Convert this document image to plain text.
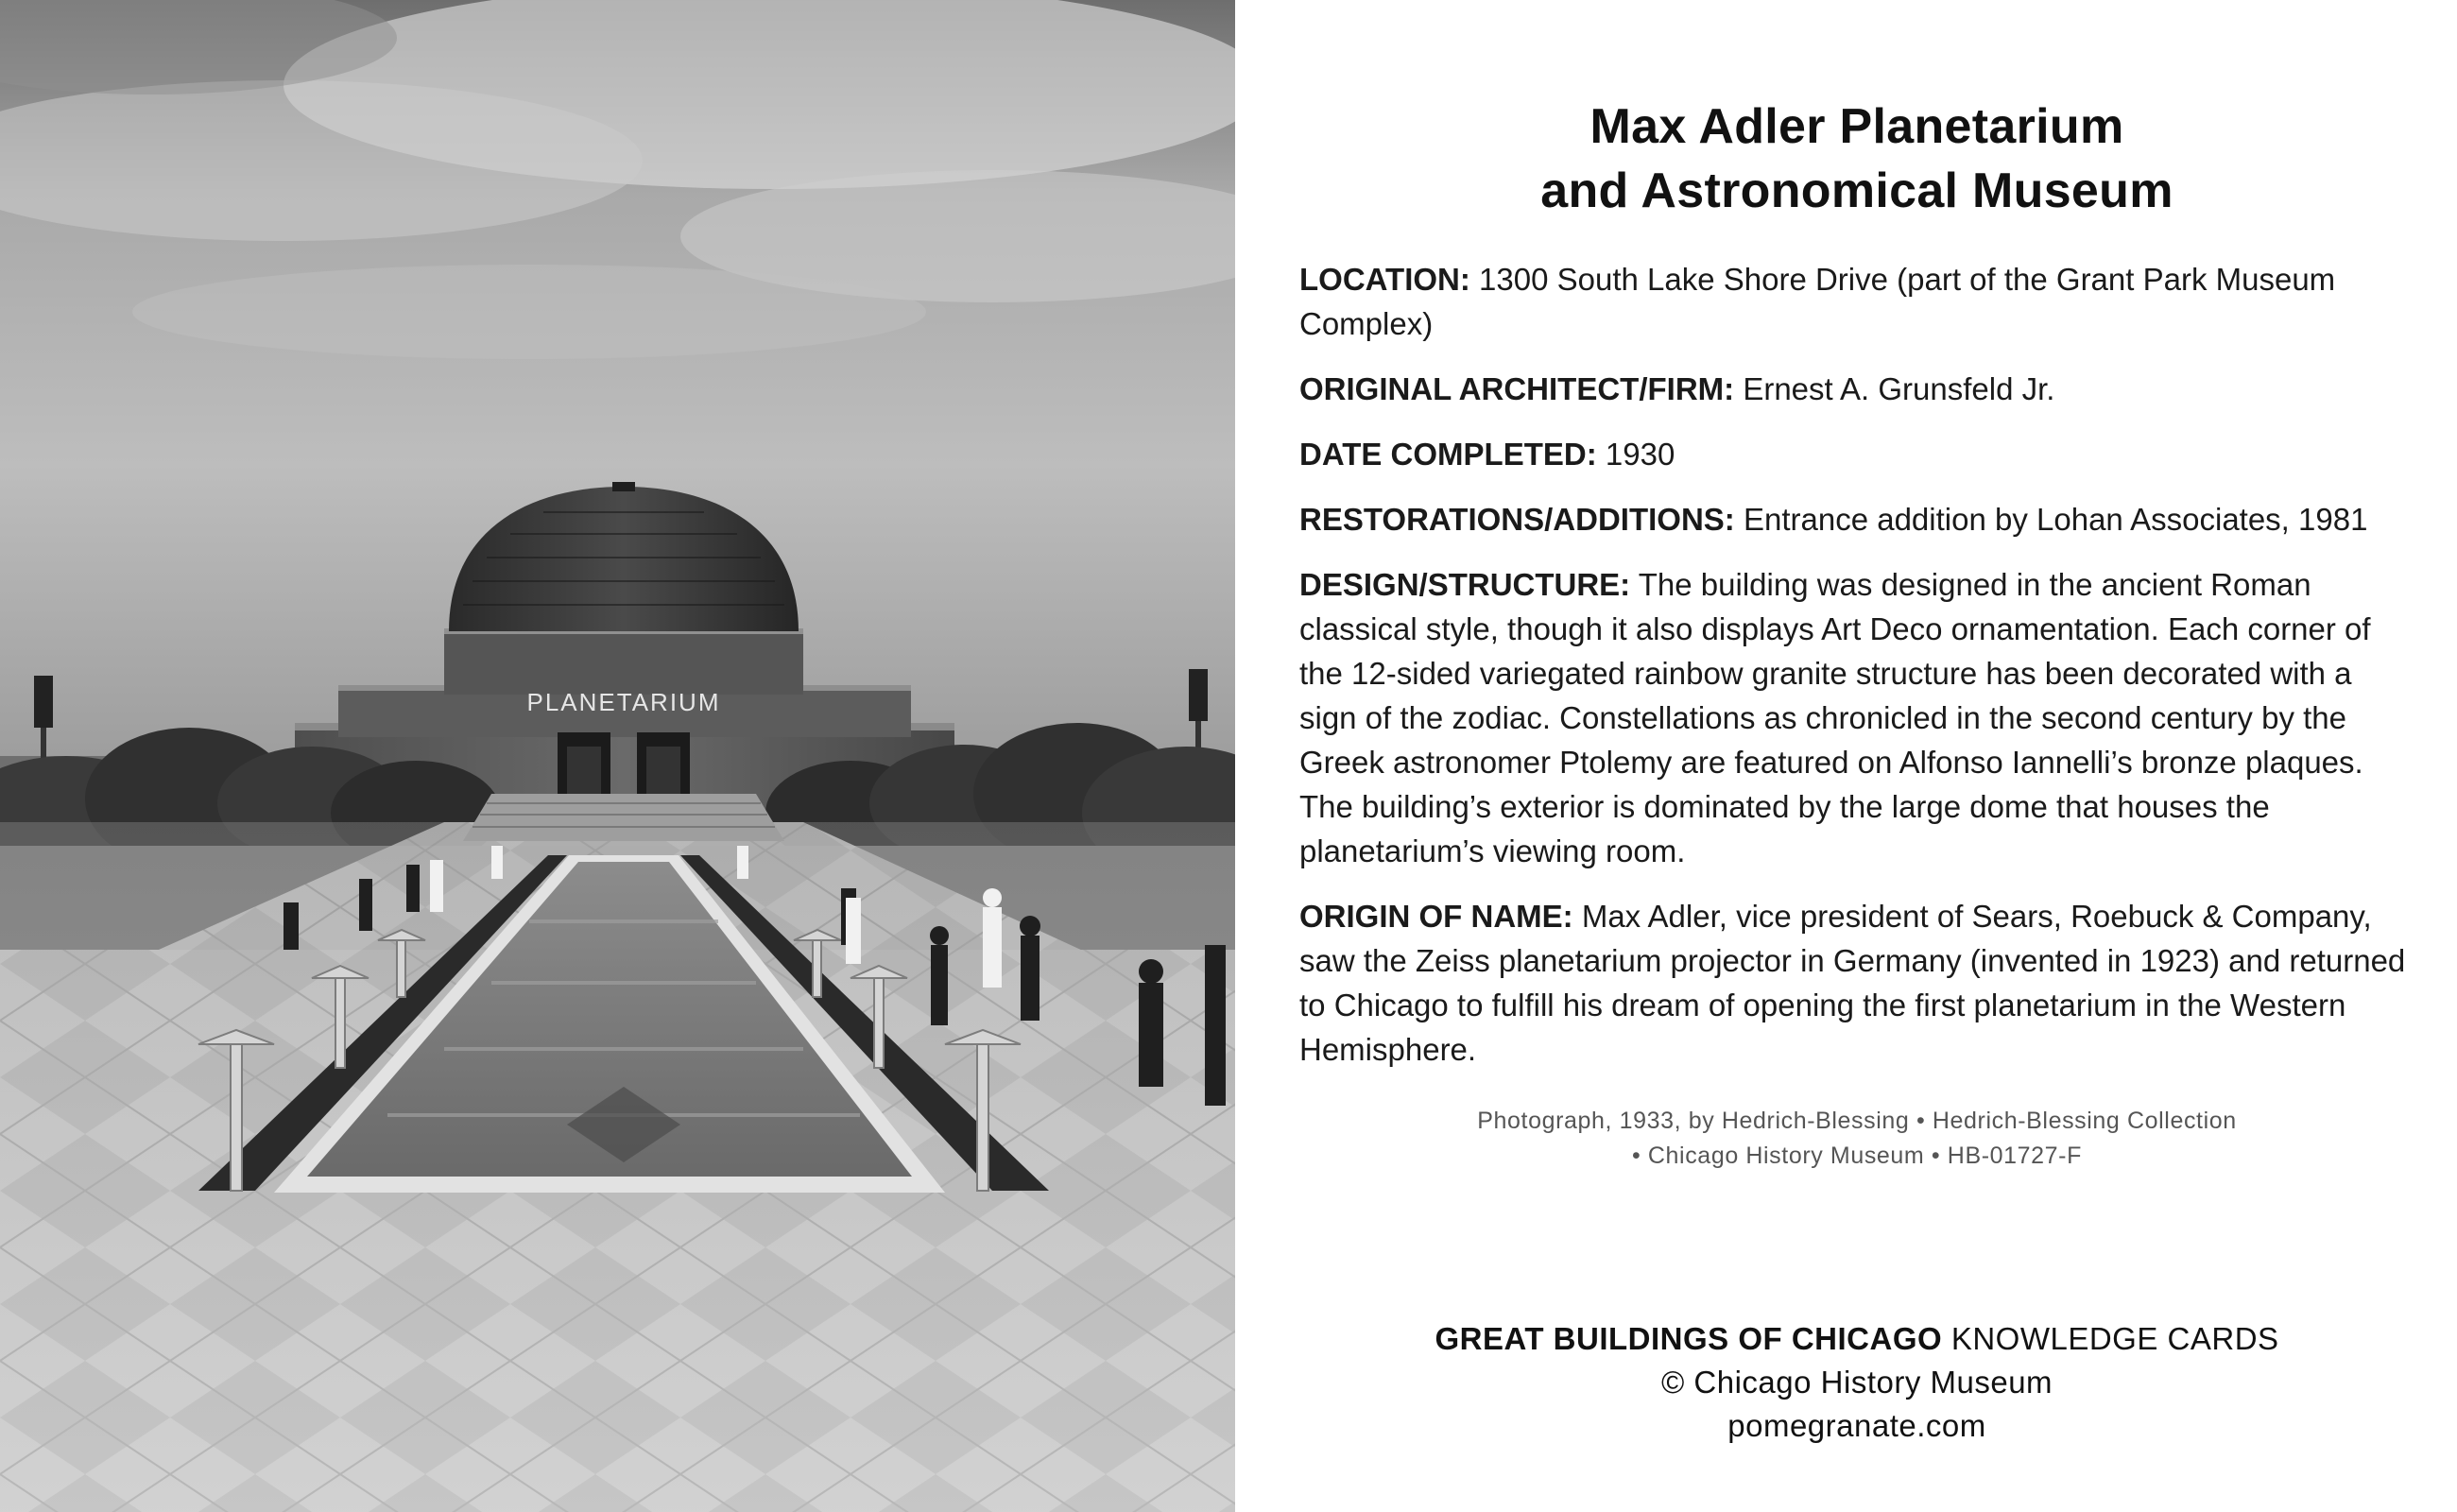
PLANETARIUM
Max Adler Planetarium
and Astronomical Museum

LOCATION: 1300 South Lake Shore Drive (part of the Grant Park Museum Complex)

ORIGINAL ARCHITECT/FIRM: Ernest A. Grunsfeld Jr.

DATE COMPLETED: 1930

RESTORATIONS/ADDITIONS: Entrance addition by Lohan Associates, 1981

DESIGN/STRUCTURE: The building was designed in the ancient Roman classical style, though it also displays Art Deco ornamentation. Each corner of the 12-sided variegated rainbow granite structure has been decorated with a sign of the zodiac. Constellations as chronicled in the second century by the Greek astronomer Ptolemy are featured on Alfonso Iannelli’s bronze plaques. The building’s exterior is dominated by the large dome that houses the planetarium’s viewing room.

ORIGIN OF NAME: Max Adler, vice president of Sears, Roebuck & Company, saw the Zeiss planetarium projector in Germany (invented in 1923) and returned to Chicago to fulfill his dream of opening the first planetarium in the Western Hemisphere.

Photograph, 1933, by Hedrich-Blessing • Hedrich-Blessing Collection
• Chicago History Museum • HB-01727-F
GREAT BUILDINGS OF CHICAGO KNOWLEDGE CARDS
© Chicago History Museum
pomegranate.com
